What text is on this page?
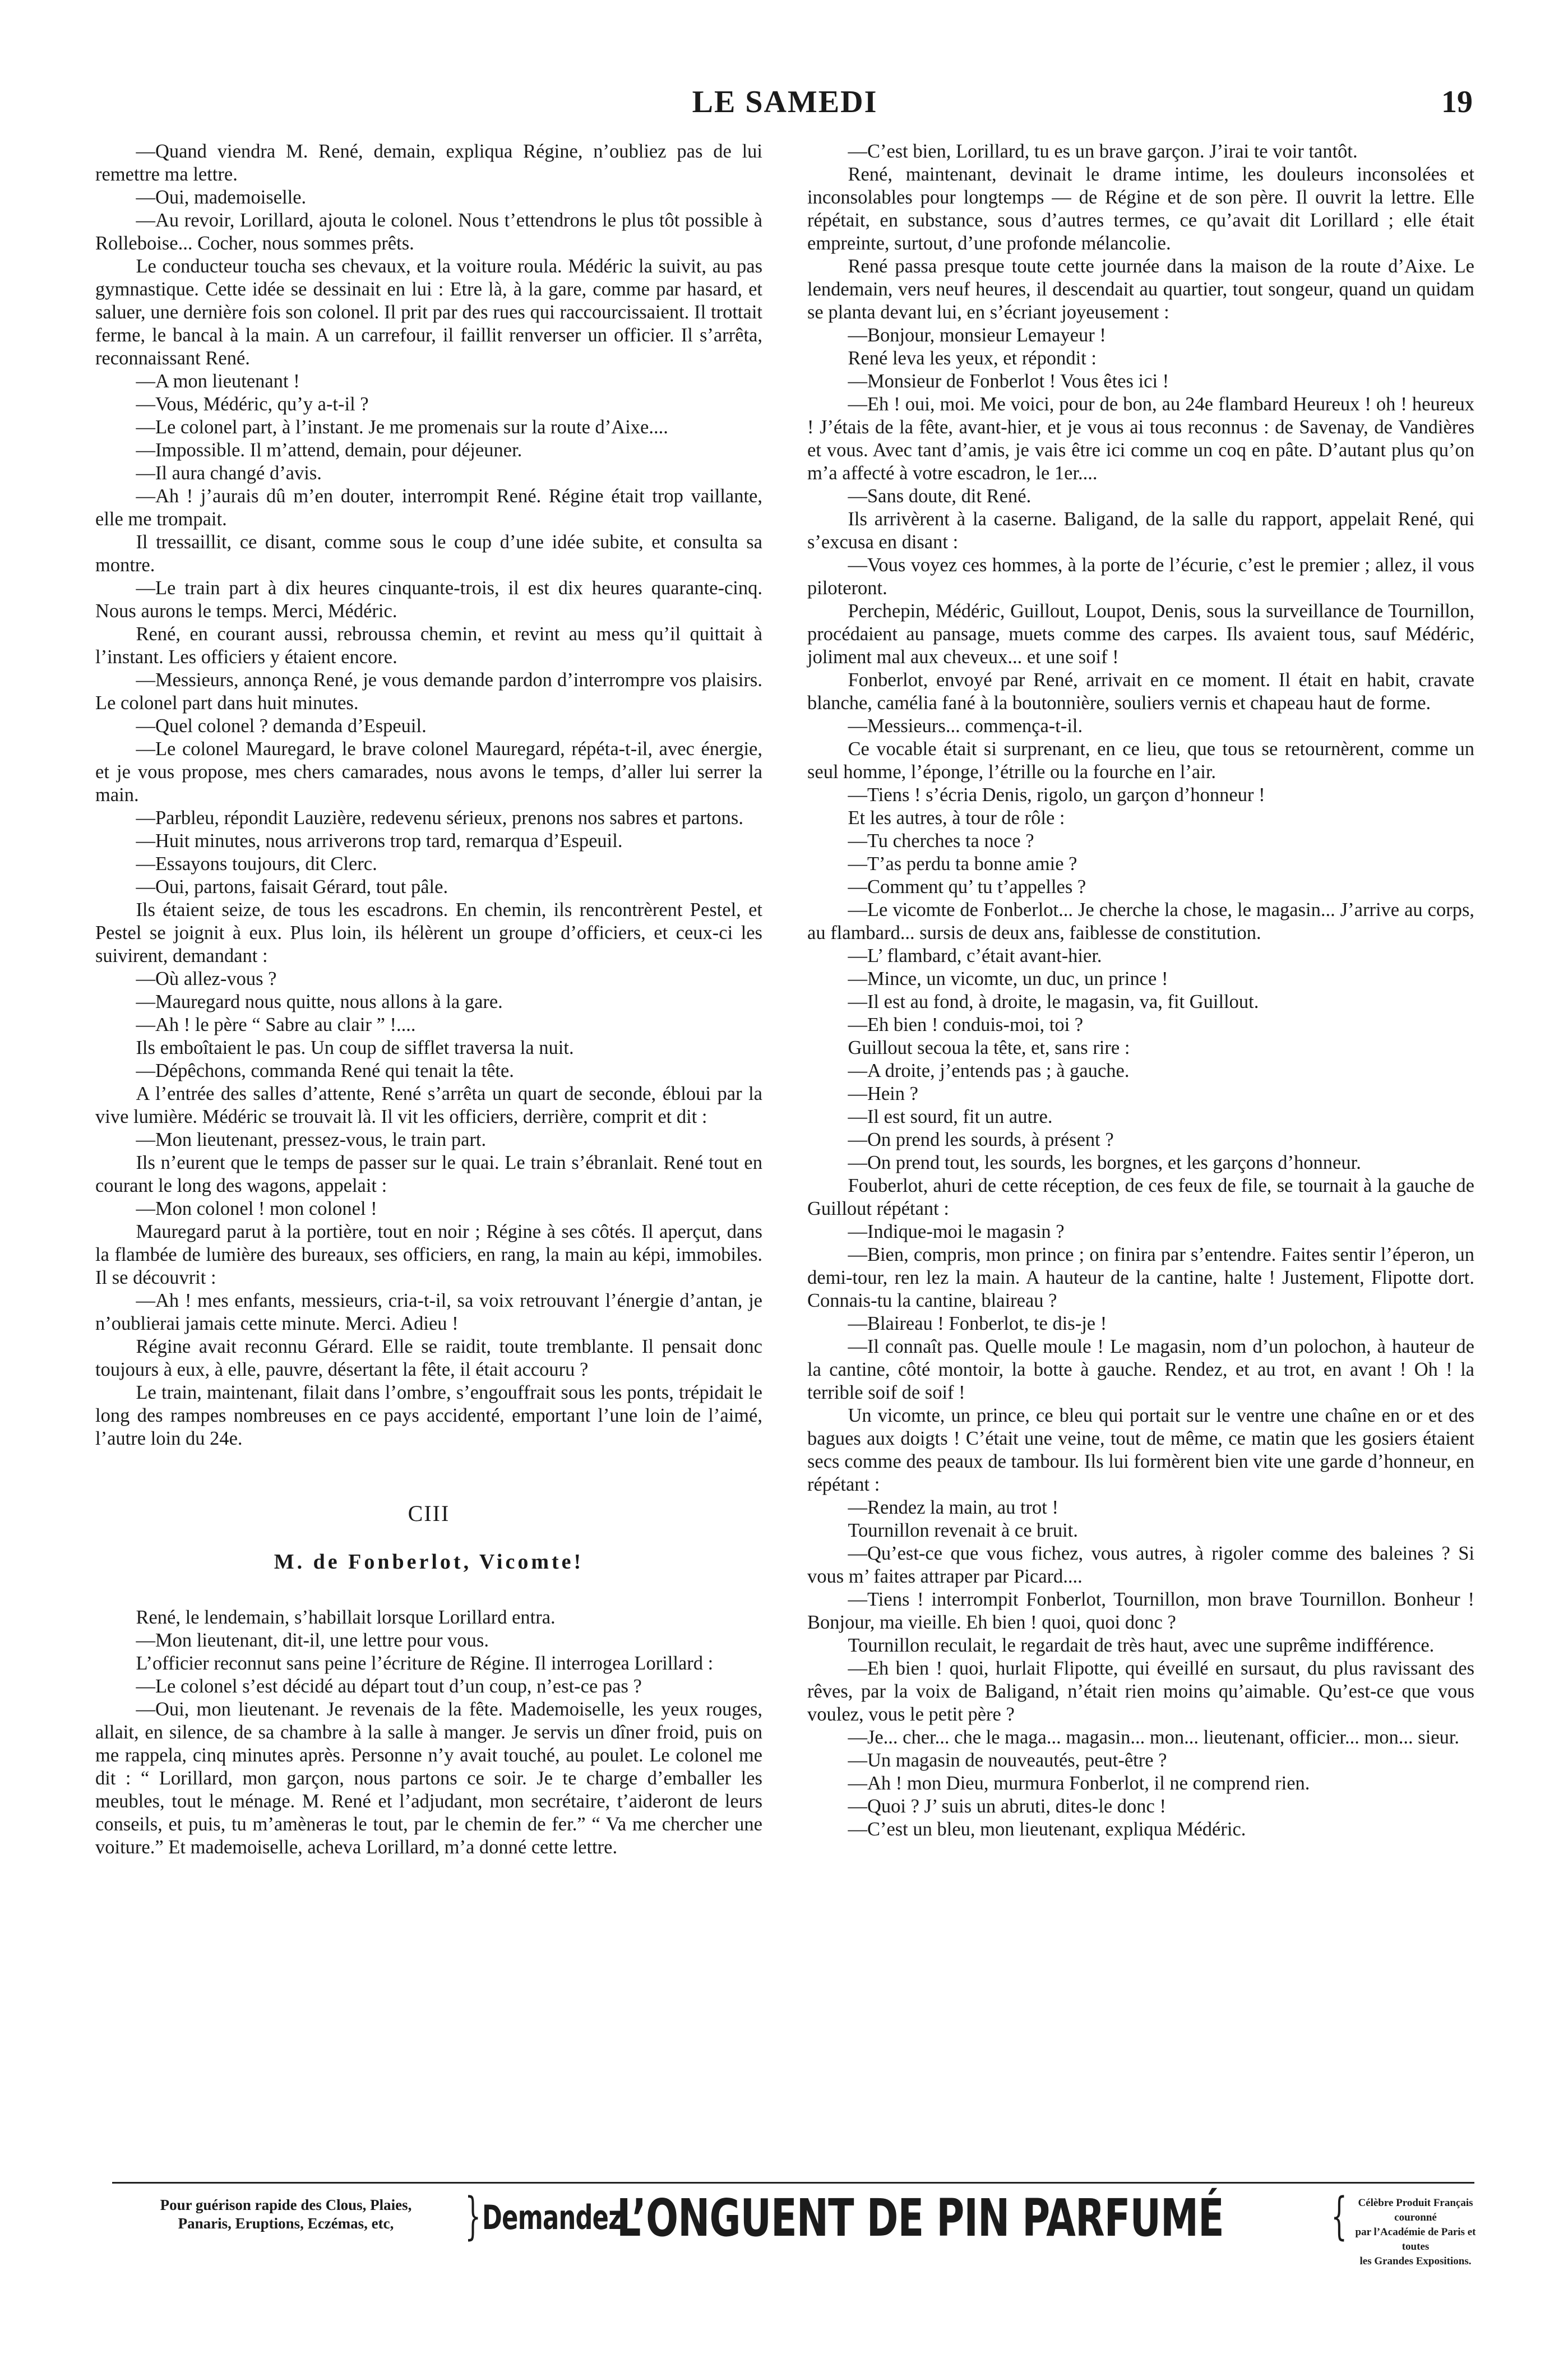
LE SAMEDI	19

—Quand viendra M. René, demain, expliqua Régine, n’oubliez pas de lui remettre ma lettre.

—Oui, mademoiselle.

—Au revoir, Lorillard, ajouta le colonel. Nous t’ettendrons le plus tôt possible à Rolleboise... Cocher, nous sommes prêts.

Le conducteur toucha ses chevaux, et la voiture roula. Médéric la suivit, au pas gymnastique. Cette idée se dessinait en lui : Etre là, à la gare, comme par hasard, et saluer, une dernière fois son colonel. Il prit par des rues qui raccourcissaient. Il trottait ferme, le bancal à la main. A un carrefour, il faillit renverser un officier. Il s’arrêta, reconnaissant René.

—A mon lieutenant !

—Vous, Médéric, qu’y a-t-il ?

—Le colonel part, à l’instant. Je me promenais sur la route d’Aixe....

—Impossible. Il m’attend, demain, pour déjeuner.

—Il aura changé d’avis.

—Ah ! j’aurais dû m’en douter, interrompit René. Régine était trop vaillante, elle me trompait.

Il tressaillit, ce disant, comme sous le coup d’une idée subite, et consulta sa montre.

—Le train part à dix heures cinquante-trois, il est dix heures quarante-cinq. Nous aurons le temps. Merci, Médéric.

René, en courant aussi, rebroussa chemin, et revint au mess qu’il quittait à l’instant. Les officiers y étaient encore.

—Messieurs, annonça René, je vous demande pardon d’interrompre vos plaisirs. Le colonel part dans huit minutes.

—Quel colonel ? demanda d’Espeuil.

—Le colonel Mauregard, le brave colonel Mauregard, répéta-t-il, avec énergie, et je vous propose, mes chers camarades, nous avons le temps, d’aller lui serrer la main.

—Parbleu, répondit Lauzière, redevenu sérieux, prenons nos sabres et partons.

—Huit minutes, nous arriverons trop tard, remarqua d’Espeuil.

—Essayons toujours, dit Clerc.

—Oui, partons, faisait Gérard, tout pâle.

Ils étaient seize, de tous les escadrons. En chemin, ils rencontrèrent Pestel, et Pestel se joignit à eux. Plus loin, ils hélèrent un groupe d’officiers, et ceux-ci les suivirent, demandant :

—Où allez-vous ?

—Mauregard nous quitte, nous allons à la gare.

—Ah ! le père “ Sabre au clair ” !....

Ils emboîtaient le pas. Un coup de sifflet traversa la nuit.

—Dépêchons, commanda René qui tenait la tête.

A l’entrée des salles d’attente, René s’arrêta un quart de seconde, ébloui par la vive lumière. Médéric se trouvait là. Il vit les officiers, derrière, comprit et dit :

—Mon lieutenant, pressez-vous, le train part.

Ils n’eurent que le temps de passer sur le quai. Le train s’ébranlait. René tout en courant le long des wagons, appelait :

—Mon colonel ! mon colonel !

Mauregard parut à la portière, tout en noir ; Régine à ses côtés. Il aperçut, dans la flambée de lumière des bureaux, ses officiers, en rang, la main au képi, immobiles. Il se découvrit :

—Ah ! mes enfants, messieurs, cria-t-il, sa voix retrouvant l’énergie d’antan, je n’oublierai jamais cette minute. Merci. Adieu !

Régine avait reconnu Gérard. Elle se raidit, toute tremblante. Il pensait donc toujours à eux, à elle, pauvre, désertant la fête, il était accouru ?

Le train, maintenant, filait dans l’ombre, s’engouffrait sous les ponts, trépidait le long des rampes nombreuses en ce pays accidenté, emportant l’une loin de l’aimé, l’autre loin du 24e.

CIII

M. de Fonberlot, Vicomte!

René, le lendemain, s’habillait lorsque Lorillard entra.

—Mon lieutenant, dit-il, une lettre pour vous.

L’officier reconnut sans peine l’écriture de Régine. Il interrogea Lorillard :

—Le colonel s’est décidé au départ tout d’un coup, n’est-ce pas ?

—Oui, mon lieutenant. Je revenais de la fête. Mademoiselle, les yeux rouges, allait, en silence, de sa chambre à la salle à manger. Je servis un dîner froid, puis on me rappela, cinq minutes après. Personne n’y avait touché, au poulet. Le colonel me dit : “ Lorillard, mon garçon, nous partons ce soir. Je te charge d’emballer les meubles, tout le ménage. M. René et l’adjudant, mon secrétaire, t’aideront de leurs conseils, et puis, tu m’amèneras le tout, par le chemin de fer.” “ Va me chercher une voiture.” Et mademoiselle, acheva Lorillard, m’a donné cette lettre.

—C’est bien, Lorillard, tu es un brave garçon. J’irai te voir tantôt.

René, maintenant, devinait le drame intime, les douleurs inconsolées et inconsolables pour longtemps — de Régine et de son père. Il ouvrit la lettre. Elle répétait, en substance, sous d’autres termes, ce qu’avait dit Lorillard ; elle était empreinte, surtout, d’une profonde mélancolie.

René passa presque toute cette journée dans la maison de la route d’Aixe. Le lendemain, vers neuf heures, il descendait au quartier, tout songeur, quand un quidam se planta devant lui, en s’écriant joyeusement :

—Bonjour, monsieur Lemayeur !

René leva les yeux, et répondit :

—Monsieur de Fonberlot ! Vous êtes ici !

—Eh ! oui, moi. Me voici, pour de bon, au 24e flambard Heureux ! oh ! heureux ! J’étais de la fête, avant-hier, et je vous ai tous reconnus : de Savenay, de Vandières et vous. Avec tant d’amis, je vais être ici comme un coq en pâte. D’autant plus qu’on m’a affecté à votre escadron, le 1er....

—Sans doute, dit René.

Ils arrivèrent à la caserne. Baligand, de la salle du rapport, appelait René, qui s’excusa en disant :

—Vous voyez ces hommes, à la porte de l’écurie, c’est le premier ; allez, il vous piloteront.

Perchepin, Médéric, Guillout, Loupot, Denis, sous la surveillance de Tournillon, procédaient au pansage, muets comme des carpes. Ils avaient tous, sauf Médéric, joliment mal aux cheveux... et une soif !

Fonberlot, envoyé par René, arrivait en ce moment. Il était en habit, cravate blanche, camélia fané à la boutonnière, souliers vernis et chapeau haut de forme.

—Messieurs... commença-t-il.

Ce vocable était si surprenant, en ce lieu, que tous se retournèrent, comme un seul homme, l’éponge, l’étrille ou la fourche en l’air.

—Tiens ! s’écria Denis, rigolo, un garçon d’honneur !

Et les autres, à tour de rôle :

—Tu cherches ta noce ?

—T’as perdu ta bonne amie ?

—Comment qu’ tu t’appelles ?

—Le vicomte de Fonberlot... Je cherche la chose, le magasin... J’arrive au corps, au flambard... sursis de deux ans, faiblesse de constitution.

—L’ flambard, c’était avant-hier.

—Mince, un vicomte, un duc, un prince !

—Il est au fond, à droite, le magasin, va, fit Guillout.

—Eh bien ! conduis-moi, toi ?

Guillout secoua la tête, et, sans rire :

—A droite, j’entends pas ; à gauche.

—Hein ?

—Il est sourd, fit un autre.

—On prend les sourds, à présent ?

—On prend tout, les sourds, les borgnes, et les garçons d’honneur.

Fouberlot, ahuri de cette réception, de ces feux de file, se tournait à la gauche de Guillout répétant :

—Indique-moi le magasin ?

—Bien, compris, mon prince ; on finira par s’entendre. Faites sentir l’éperon, un demi-tour, ren lez la main. A hauteur de la cantine, halte ! Justement, Flipotte dort. Connais-tu la cantine, blaireau ?

—Blaireau ! Fonberlot, te dis-je !

—Il connaît pas. Quelle moule ! Le magasin, nom d’un polochon, à hauteur de la cantine, côté montoir, la botte à gauche. Rendez, et au trot, en avant ! Oh ! la terrible soif de soif !

Un vicomte, un prince, ce bleu qui portait sur le ventre une chaîne en or et des bagues aux doigts ! C’était une veine, tout de même, ce matin que les gosiers étaient secs comme des peaux de tambour. Ils lui formèrent bien vite une garde d’honneur, en répétant :

—Rendez la main, au trot !

Tournillon revenait à ce bruit.

—Qu’est-ce que vous fichez, vous autres, à rigoler comme des baleines ? Si vous m’ faites attraper par Picard....

—Tiens ! interrompit Fonberlot, Tournillon, mon brave Tournillon. Bonheur ! Bonjour, ma vieille. Eh bien ! quoi, quoi donc ?

Tournillon reculait, le regardait de très haut, avec une suprême indifférence.

—Eh bien ! quoi, hurlait Flipotte, qui éveillé en sursaut, du plus ravissant des rêves, par la voix de Baligand, n’était rien moins qu’aimable. Qu’est-ce que vous voulez, vous le petit père ?

—Je... cher... che le maga... magasin... mon... lieutenant, officier... mon... sieur.

—Un magasin de nouveautés, peut-être ?

—Ah ! mon Dieu, murmura Fonberlot, il ne comprend rien.

—Quoi ? J’ suis un abruti, dites-le donc !

—C’est un bleu, mon lieutenant, expliqua Médéric.

Pour guérison rapide des Clous, Plaies,
Panaris, Eruptions, Eczémas, etc,	} Demandez
L’ONGUENT DE PIN PARFUMÉ {	Célèbre Produit Français couronné
par l’Académie de Paris et toutes
les Grandes Expositions.
